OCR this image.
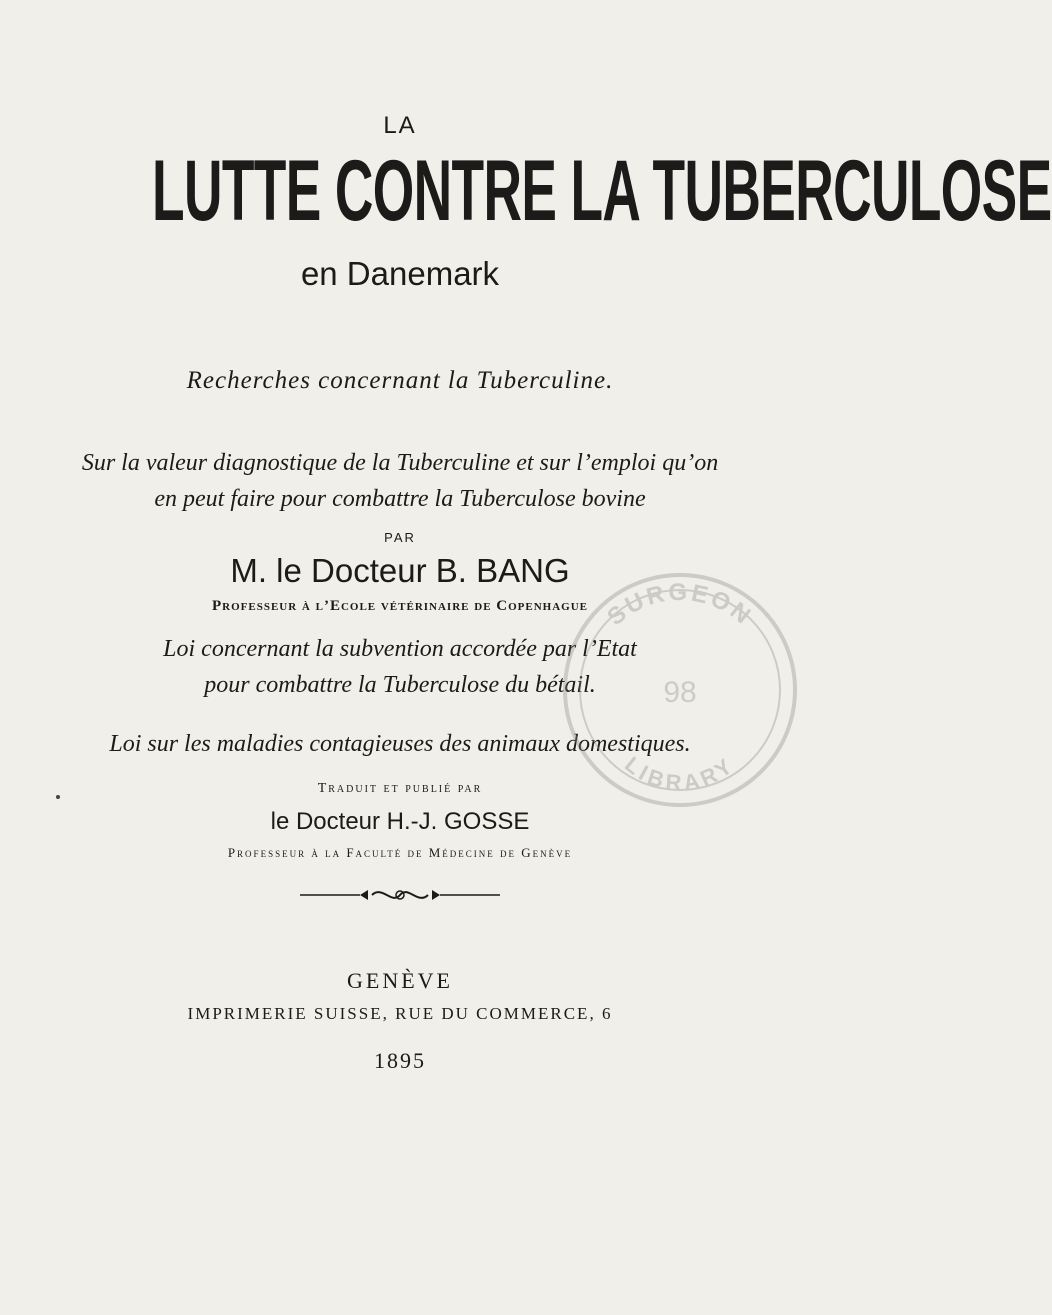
LA
LUTTE CONTRE LA TUBERCULOSE
en Danemark
Recherches concernant la Tuberculine.
Sur la valeur diagnostique de la Tuberculine et sur l’emploi qu’on
en peut faire pour combattre la Tuberculose bovine
PAR
M. le Docteur B. BANG
Professeur à l’Ecole vétérinaire de Copenhague
Loi concernant la subvention accordée par l’Etat
pour combattre la Tuberculose du bétail.
Loi sur les maladies contagieuses des animaux domestiques.
Traduit et publié par
le Docteur H.-J. GOSSE
Professeur à la Faculté de Médecine de Genève
GENÈVE
IMPRIMERIE SUISSE, RUE DU COMMERCE, 6
1895
SURGEON
98
LIBRARY
